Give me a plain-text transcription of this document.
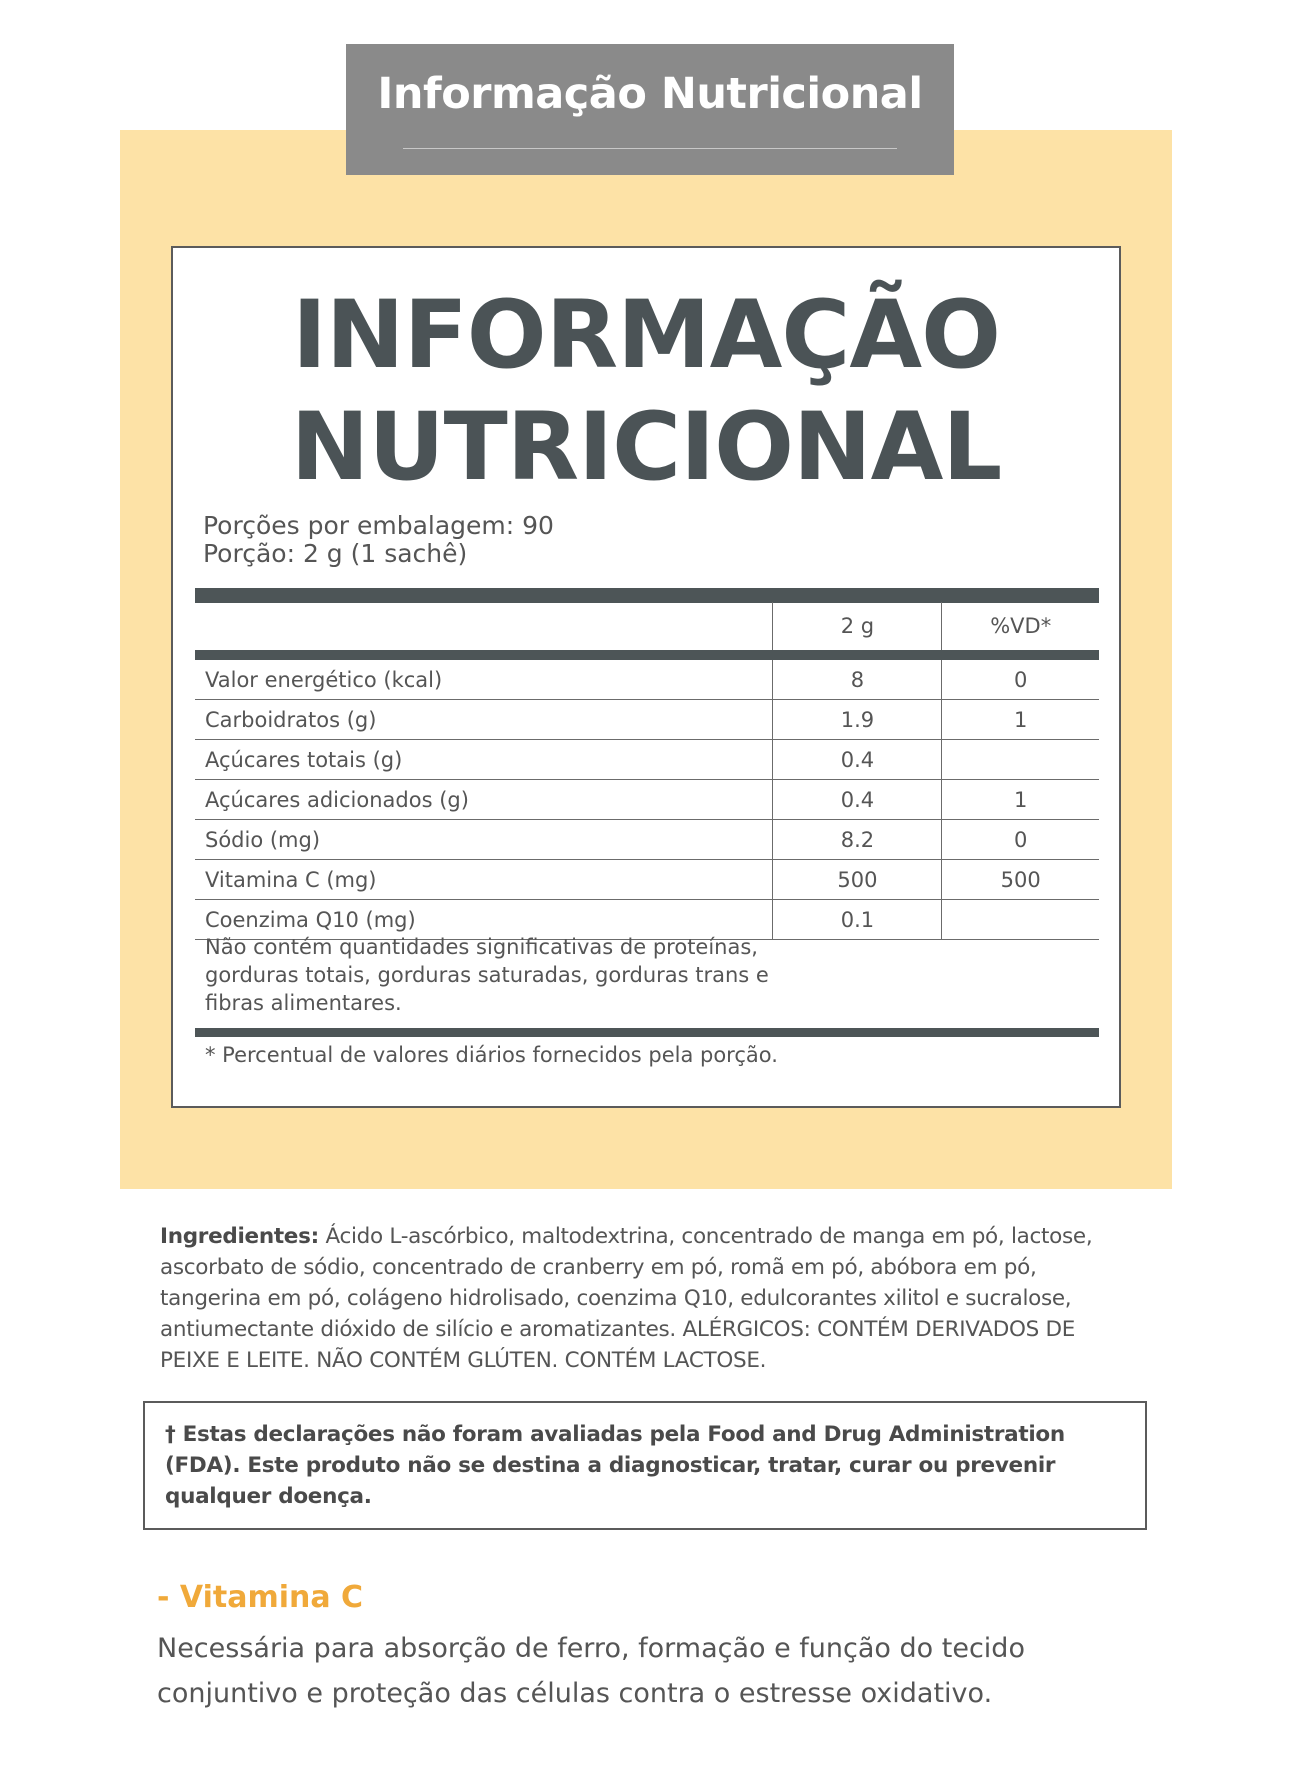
Informação Nutricional
INFORMAÇÃO
NUTRICIONAL
Porções por embalagem: 90
Porção: 2 g (1 sachê)
	2 g	%VD*
Valor energético (kcal)	8	0
Carboidratos (g)	1.9	1
Açúcares totais (g)	0.4	
Açúcares adicionados (g)	0.4	1
Sódio (mg)	8.2	0
Vitamina C (mg)	500	500
Coenzima Q10 (mg)	0.1	
Não contém quantidades significativas de proteínas, gorduras totais, gorduras saturadas, gorduras trans e fibras alimentares.
* Percentual de valores diários fornecidos pela porção.
Ingredientes: Ácido L-ascórbico, maltodextrina, concentrado de manga em pó, lactose, ascorbato de sódio, concentrado de cranberry em pó, romã em pó, abóbora em pó, tangerina em pó, colágeno hidrolisado, coenzima Q10, edulcorantes xilitol e sucralose, antiumectante dióxido de silício e aromatizantes. ALÉRGICOS: CONTÉM DERIVADOS DE PEIXE E LEITE. NÃO CONTÉM GLÚTEN. CONTÉM LACTOSE.
† Estas declarações não foram avaliadas pela Food and Drug Administration (FDA). Este produto não se destina a diagnosticar, tratar, curar ou prevenir qualquer doença.
- Vitamina C
Necessária para absorção de ferro, formação e função do tecido conjuntivo e proteção das células contra o estresse oxidativo.
